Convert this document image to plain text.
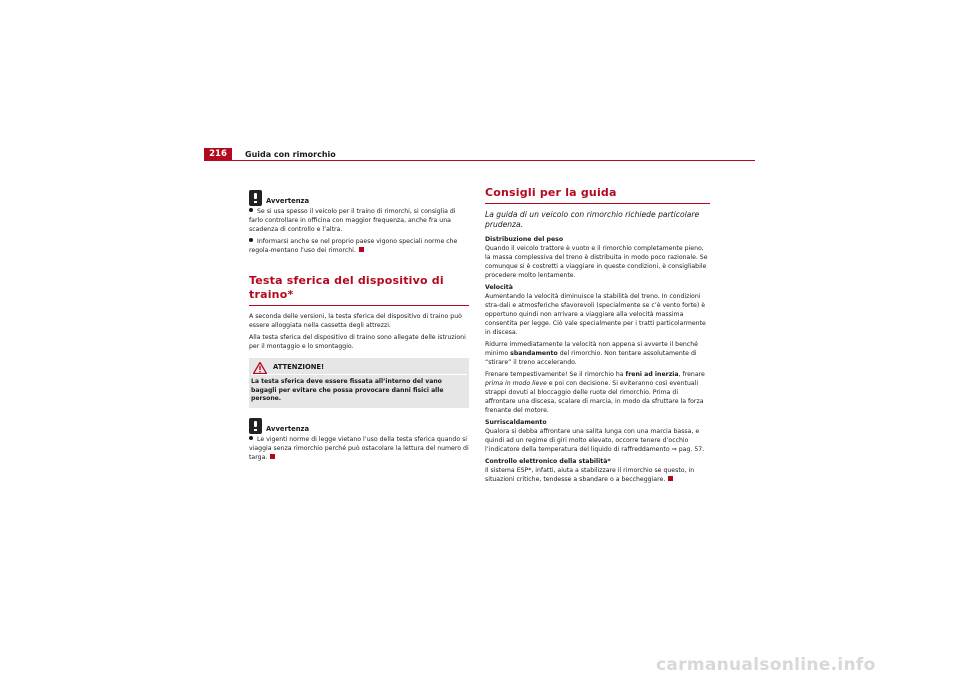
216	Guida con rimorchio
Avvertenza
Se si usa spesso il veicolo per il traino di rimorchi, si consiglia di farlo controllare in officina con maggior frequenza, anche fra una scadenza di controllo e l’altra.
Informarsi anche se nel proprio paese vigono speciali norme che regola-mentano l’uso dei rimorchi.
Testa sferica del dispositivo di traino*
A seconda delle versioni, la testa sferica del dispositivo di traino può essere alloggiata nella cassetta degli attrezzi.
Alla testa sferica del dispositivo di traino sono allegate delle istruzioni per il montaggio e lo smontaggio.
ATTENZIONE!
La testa sferica deve essere fissata all’interno del vano bagagli per evitare che possa provocare danni fisici alle persone.
Avvertenza
Le vigenti norme di legge vietano l’uso della testa sferica quando si viaggia senza rimorchio perché può ostacolare la lettura del numero di targa.
Consigli per la guida
La guida di un veicolo con rimorchio richiede particolare prudenza.
Distribuzione del peso
Quando il veicolo trattore è vuoto e il rimorchio completamente pieno, la massa complessiva del treno è distribuita in modo poco razionale. Se comunque si è costretti a viaggiare in queste condizioni, è consigliabile procedere molto lentamente.
Velocità
Aumentando la velocità diminuisce la stabilità del treno. In condizioni stra-dali e atmosferiche sfavorevoli (specialmente se c’è vento forte) è opportuno quindi non arrivare a viaggiare alla velocità massima consentita per legge. Ciò vale specialmente per i tratti particolarmente in discesa.
Ridurre immediatamente la velocità non appena si avverte il benché minimo sbandamento del rimorchio. Non tentare assolutamente di “stirare” il treno accelerando.
Frenare tempestivamente! Se il rimorchio ha freni ad inerzia, frenare prima in modo lieve e poi con decisione. Si eviteranno così eventuali strappi dovuti al bloccaggio delle ruote del rimorchio. Prima di affrontare una discesa, scalare di marcia, in modo da sfruttare la forza frenante del motore.
Surriscaldamento
Qualora si debba affrontare una salita lunga con una marcia bassa, e quindi ad un regime di giri molto elevato, occorre tenere d’occhio l’indicatore della temperatura del liquido di raffreddamento ⇒ pag. 57.
Controllo elettronico della stabilità*
Il sistema ESP*, infatti, aiuta a stabilizzare il rimorchio se questo, in situazioni critiche, tendesse a sbandare o a beccheggiare.
carmanualsonline.info
